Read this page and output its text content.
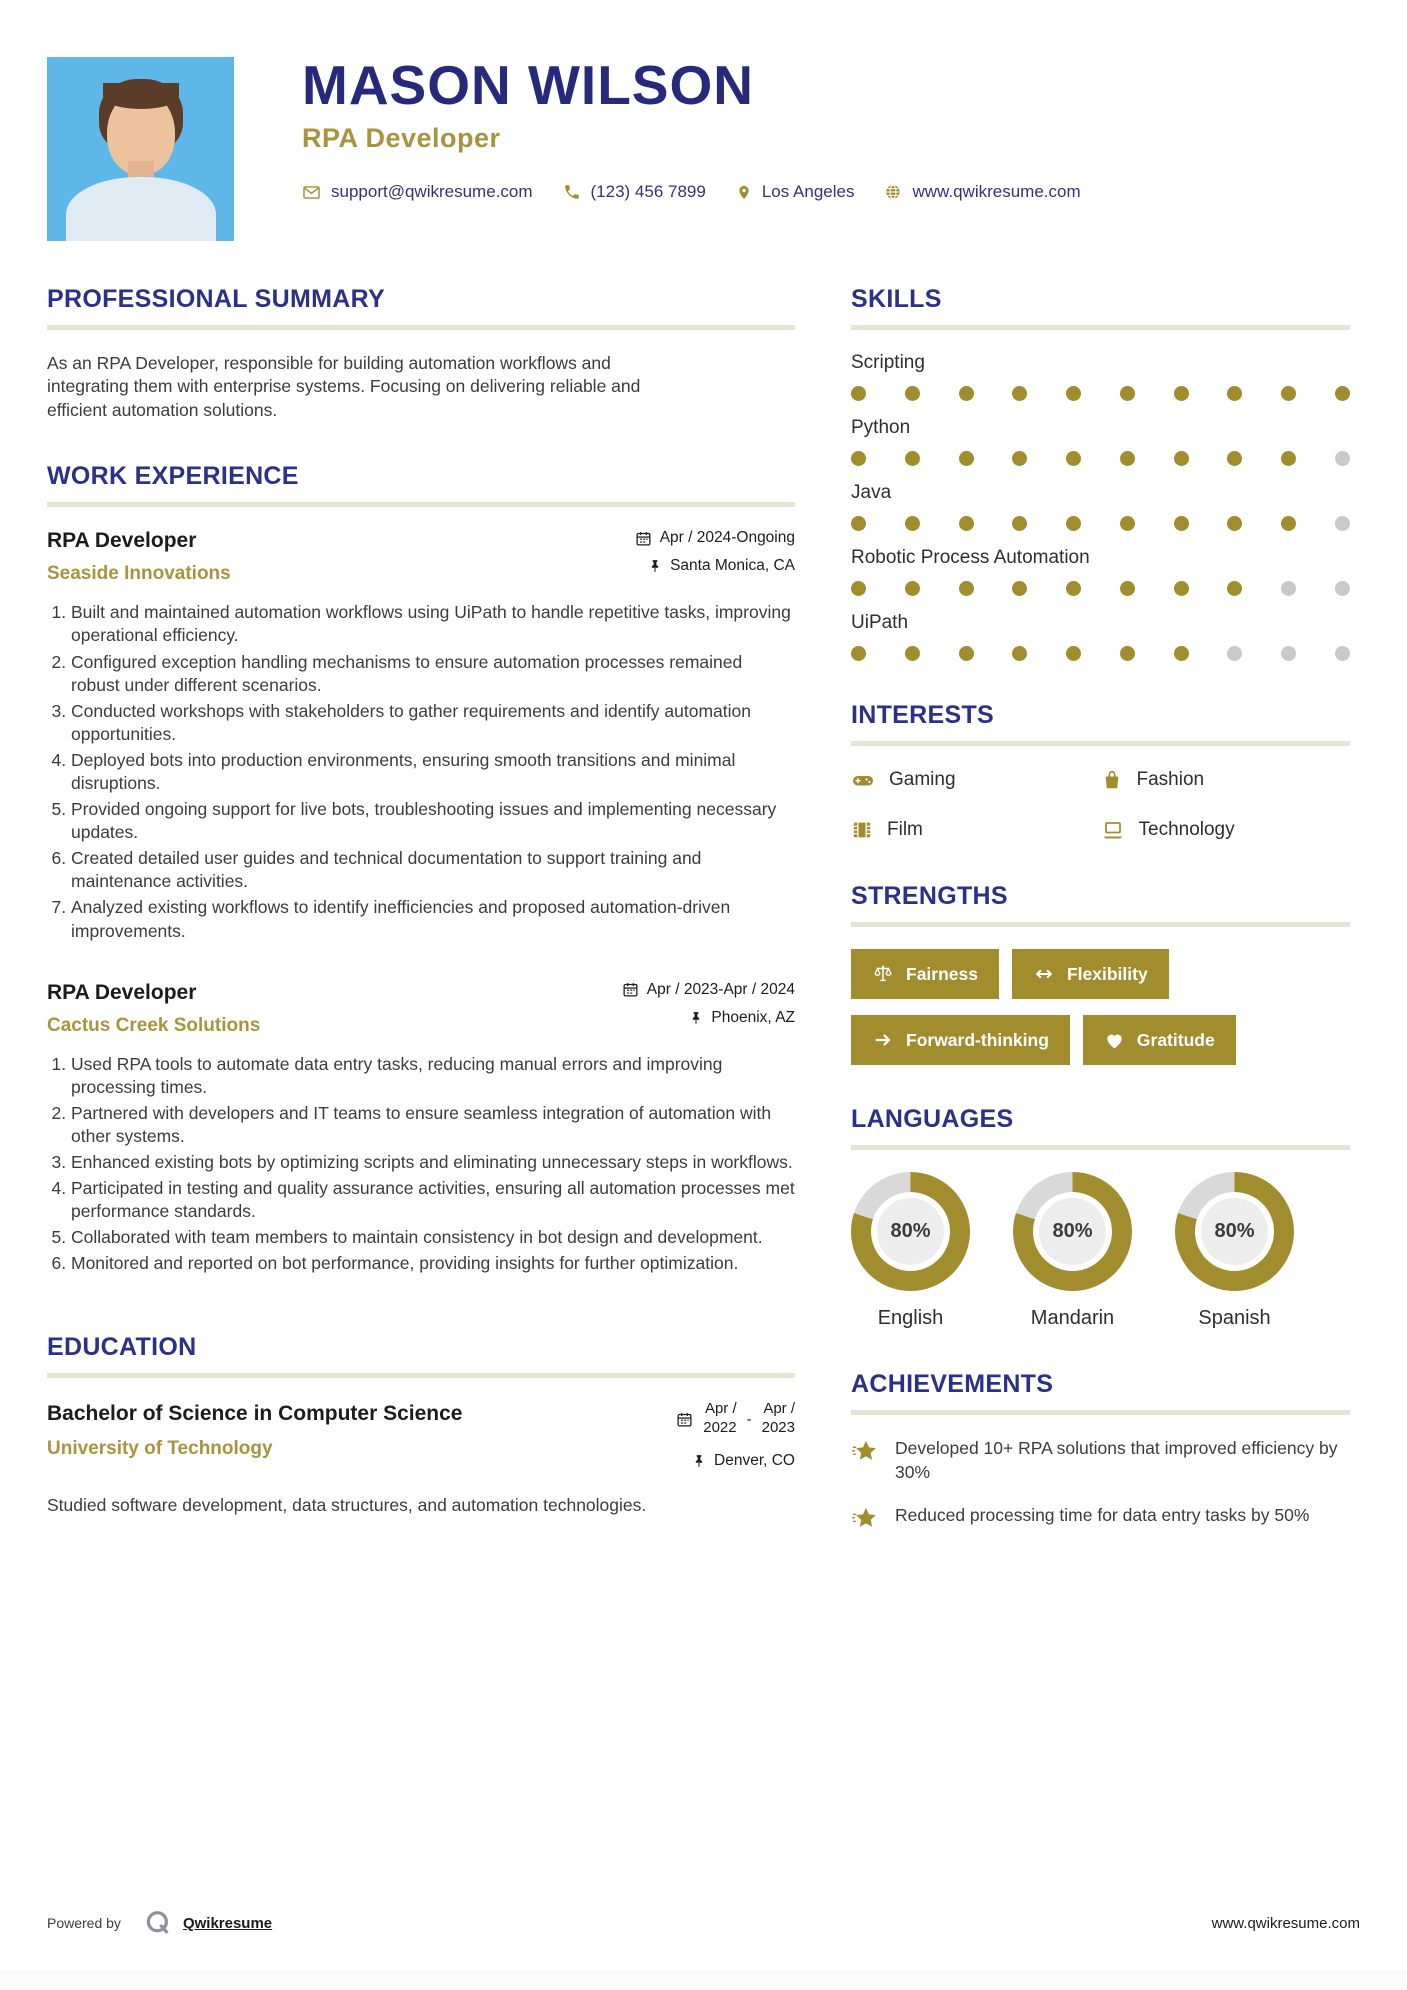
MASON WILSON
RPA Developer
support@qwikresume.com	(123) 456 7899	Los Angeles	www.qwikresume.com
PROFESSIONAL SUMMARY

As an RPA Developer, responsible for building automation workflows and integrating them with enterprise systems. Focusing on delivering reliable and efficient automation solutions.

WORK EXPERIENCE
RPA Developer
Seaside Innovations
Apr / 2024-Ongoing
Santa Monica, CA
1. Built and maintained automation workflows using UiPath to handle repetitive tasks, improving operational efficiency.
2. Configured exception handling mechanisms to ensure automation processes remained robust under different scenarios.
3. Conducted workshops with stakeholders to gather requirements and identify automation opportunities.
4. Deployed bots into production environments, ensuring smooth transitions and minimal disruptions.
5. Provided ongoing support for live bots, troubleshooting issues and implementing necessary updates.
6. Created detailed user guides and technical documentation to support training and maintenance activities.
7. Analyzed existing workflows to identify inefficiencies and proposed automation-driven improvements.
RPA Developer
Cactus Creek Solutions
Apr / 2023-Apr / 2024
Phoenix, AZ
1. Used RPA tools to automate data entry tasks, reducing manual errors and improving processing times.
2. Partnered with developers and IT teams to ensure seamless integration of automation with other systems.
3. Enhanced existing bots by optimizing scripts and eliminating unnecessary steps in workflows.
4. Participated in testing and quality assurance activities, ensuring all automation processes met performance standards.
5. Collaborated with team members to maintain consistency in bot design and development.
6. Monitored and reported on bot performance, providing insights for further optimization.
EDUCATION
Bachelor of Science in Computer Science
University of Technology
Apr /
2022 -
Apr /
2023
Denver, CO

Studied software development, data structures, and automation technologies.

SKILLS
Scripting
Python
Java
Robotic Process Automation
UiPath
INTERESTS
Gaming	Fashion
Film	Technology
STRENGTHS
Fairness	Flexibility
Forward-thinking	Gratitude
LANGUAGES
80%
English
80%
Mandarin
80%
Spanish
ACHIEVEMENTS
Developed 10+ RPA solutions that improved efficiency by 30%
Reduced processing time for data entry tasks by 50%
Powered by	Qwikresume	www.qwikresume.com
